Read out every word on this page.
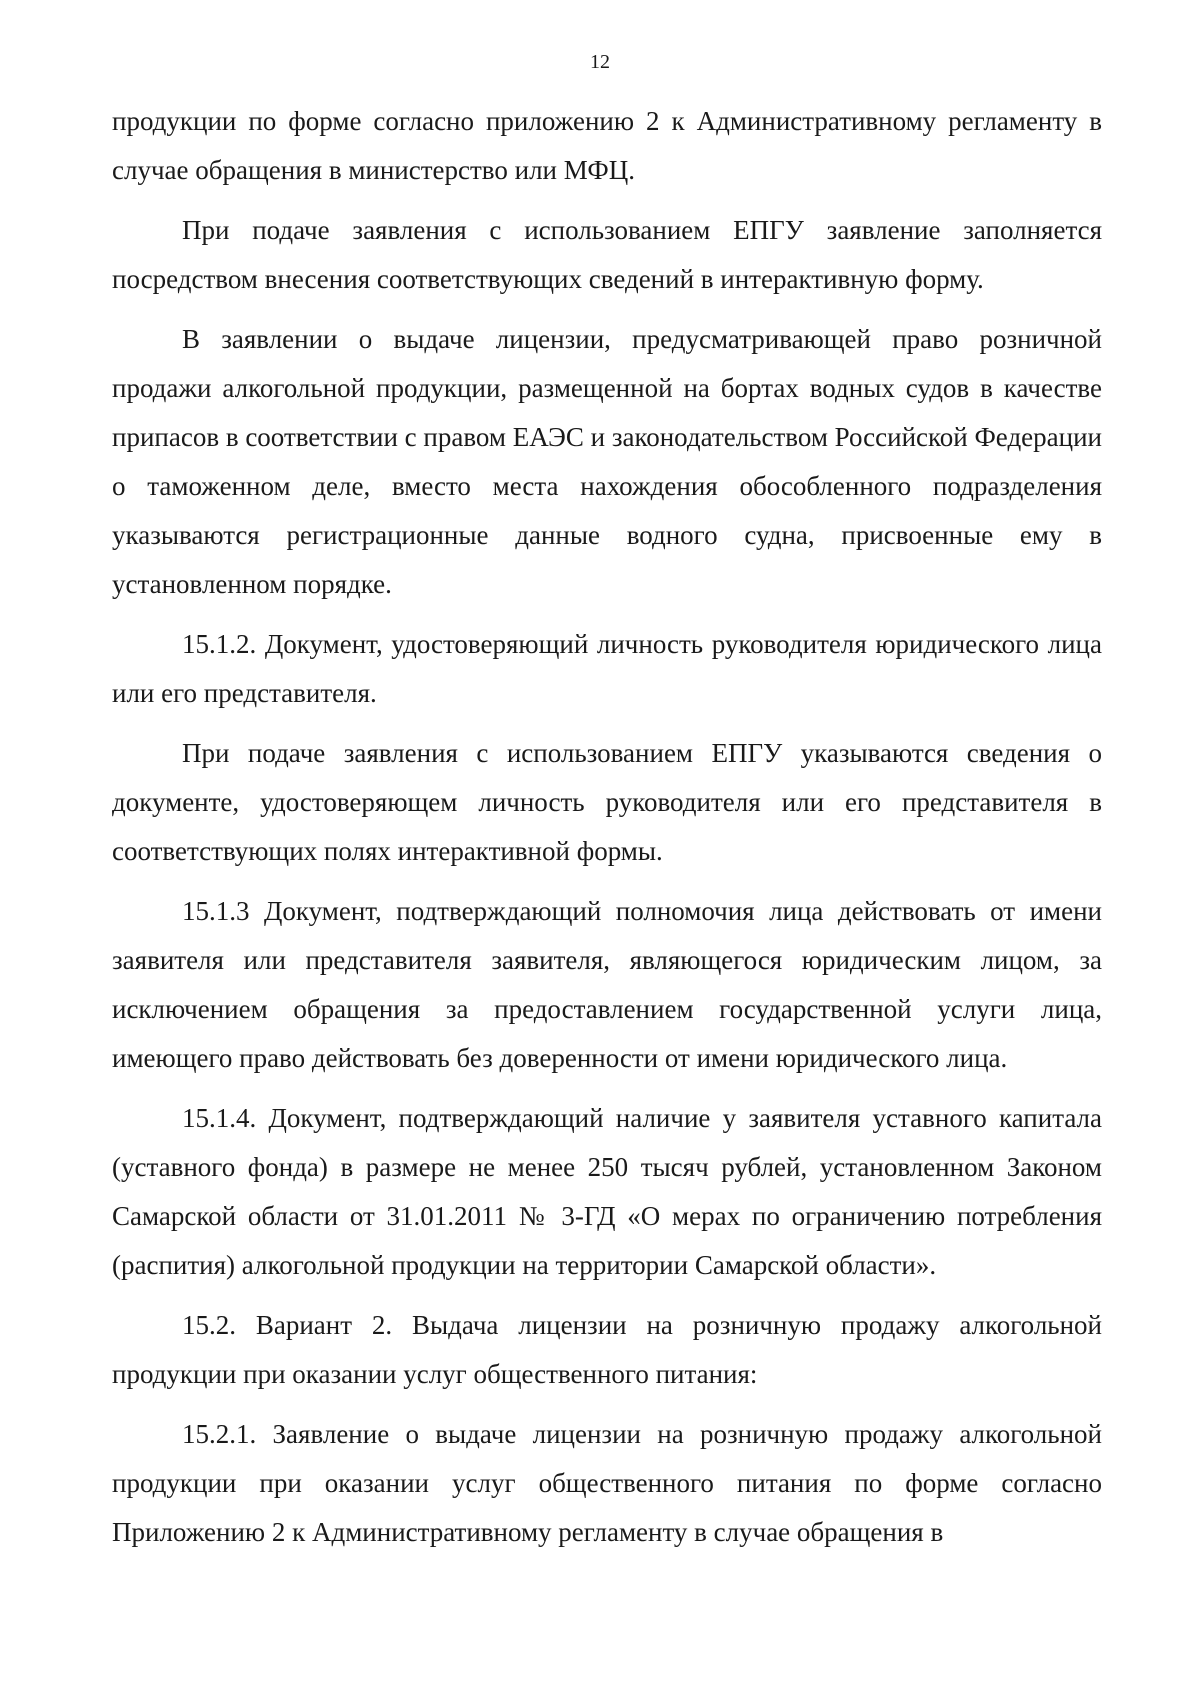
12

продукции по форме согласно приложению 2 к Административному регламенту в случае обращения в министерство или МФЦ.

При подаче заявления с использованием ЕПГУ заявление заполняется посредством внесения соответствующих сведений в интерактивную форму.

В заявлении о выдаче лицензии, предусматривающей право розничной продажи алкогольной продукции, размещенной на бортах водных судов в качестве припасов в соответствии с правом ЕАЭС и законодательством Российской Федерации о таможенном деле, вместо места нахождения обособленного подразделения указываются регистрационные данные водного судна, присвоенные ему в установленном порядке.

15.1.2. Документ, удостоверяющий личность руководителя юридического лица или его представителя.

При подаче заявления с использованием ЕПГУ указываются сведения о документе, удостоверяющем личность руководителя или его представителя в соответствующих полях интерактивной формы.

15.1.3 Документ, подтверждающий полномочия лица действовать от имени заявителя или представителя заявителя, являющегося юридическим лицом, за исключением обращения за предоставлением государственной услуги лица, имеющего право действовать без доверенности от имени юридического лица.

15.1.4. Документ, подтверждающий наличие у заявителя уставного капитала (уставного фонда) в размере не менее 250 тысяч рублей, установленном Законом Самарской области от 31.01.2011 № 3-ГД «О мерах по ограничению потребления (распития) алкогольной продукции на территории Самарской области».

15.2. Вариант 2. Выдача лицензии на розничную продажу алкогольной продукции при оказании услуг общественного питания:

15.2.1. Заявление о выдаче лицензии на розничную продажу алкогольной продукции при оказании услуг общественного питания по форме согласно Приложению 2 к Административному регламенту в случае обращения в
